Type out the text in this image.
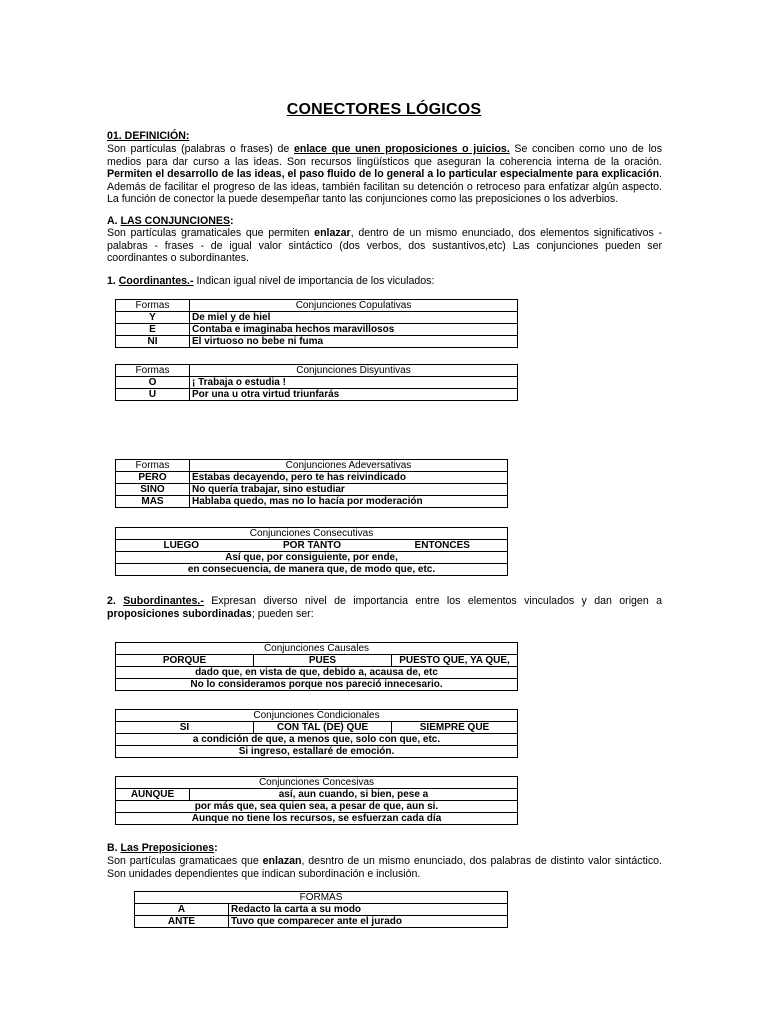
CONECTORES LÓGICOS
01. DEFINICIÓN:
Son partículas (palabras o frases) de enlace que unen proposiciones o juicios. Se conciben como uno de los medios para dar curso a las ideas. Son recursos lingüísticos que aseguran la coherencia interna de la oración. Permiten el desarrollo de las ideas, el paso fluido de lo general a lo particular especialmente para explicación. Además de facilitar el progreso de las ideas, también facilitan su detención o retroceso para enfatizar algún aspecto. La función de conector la puede desempeñar tanto las conjunciones como las preposiciones o los adverbios.
A. LAS CONJUNCIONES:
Son partículas gramaticales que permiten enlazar, dentro de un mismo enunciado, dos elementos significativos - palabras - frases - de igual valor sintáctico (dos verbos, dos sustantivos,etc) Las conjunciones pueden ser coordinantes o subordinantes.
1. Coordinantes.- Indican igual nivel de importancia de los viculados:
Formas	Conjunciones Copulativas
Y	De miel y de hiel
E	Contaba e imaginaba hechos maravillosos
NI	El virtuoso no bebe ni fuma
Formas	Conjunciones Disyuntivas
O	¡ Trabaja o estudia !
U	Por una u otra virtud triunfarás
Formas	Conjunciones Adeversativas
PERO	Estabas decayendo, pero te has reivindicado
SINO	No quería trabajar, sino estudiar
MAS	Hablaba quedo, mas no lo hacía por moderación
Conjunciones Consecutivas
LUEGO	POR TANTO	ENTONCES
Así que, por consiguiente, por ende,
en consecuencia, de manera que, de modo que, etc.
2. Subordinantes.- Expresan diverso nivel de importancia entre los elementos vinculados y dan origen a proposiciones subordinadas; pueden ser:
Conjunciones Causales
PORQUE	PUES	PUESTO QUE, YA QUE,
dado que, en vista de que, debido a, acausa de, etc
No lo consideramos porque nos pareció innecesario.
Conjunciones Condicionales
SI	CON TAL (DE) QUE	SIEMPRE QUE
a condición de que, a menos que, solo con que, etc.
Si ingreso, estallaré de emoción.
Conjunciones Concesivas
AUNQUE	así, aun cuando, si bien, pese a
por más que, sea quien sea, a pesar de que, aun si.
Aunque no tiene los recursos, se esfuerzan cada día
B. Las Preposiciones:
Son partículas gramaticaes que enlazan, desntro de un mismo enunciado, dos palabras de distinto valor sintáctico. Son unidades dependientes que indican subordinación e inclusión.
FORMAS	
A	Redacto la carta a su modo
ANTE	Tuvo que comparecer ante el jurado
